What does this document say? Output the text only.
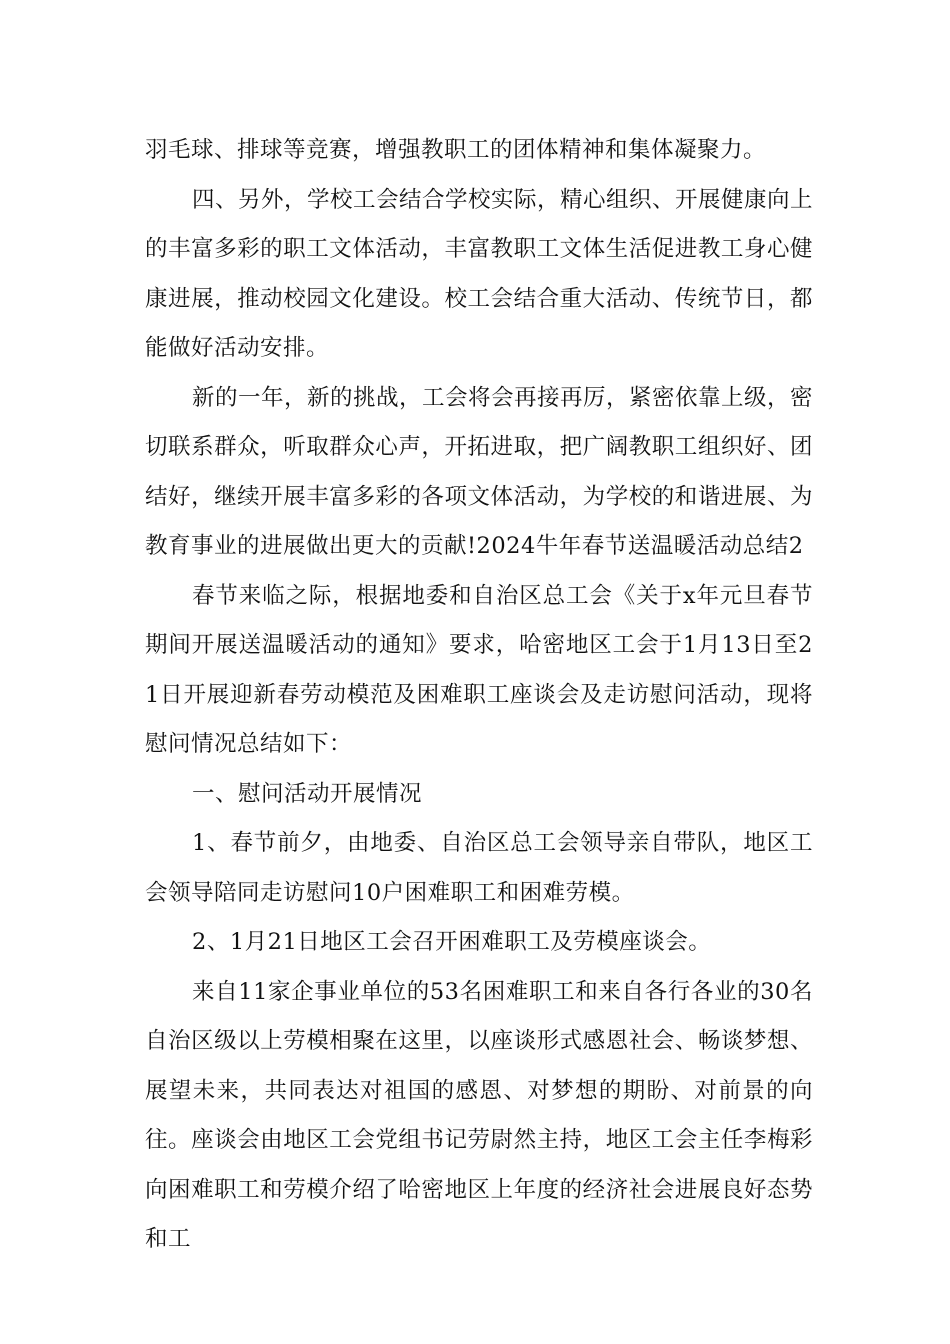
羽毛球、排球等竞赛，增强教职工的团体精神和集体凝聚力。

四、另外，学校工会结合学校实际，精心组织、开展健康向上的丰富多彩的职工文体活动，丰富教职工文体生活促进教工身心健康进展，推动校园文化建设。校工会结合重大活动、传统节日，都能做好活动安排。

新的一年，新的挑战，工会将会再接再厉，紧密依靠上级，密切联系群众，听取群众心声，开拓进取，把广阔教职工组织好、团结好，继续开展丰富多彩的各项文体活动，为学校的和谐进展、为教育事业的进展做出更大的贡献!2024牛年春节送温暖活动总结2

春节来临之际，根据地委和自治区总工会《关于x年元旦春节期间开展送温暖活动的通知》要求，哈密地区工会于1月13日至21日开展迎新春劳动模范及困难职工座谈会及走访慰问活动，现将慰问情况总结如下：

一、慰问活动开展情况

1、春节前夕，由地委、自治区总工会领导亲自带队，地区工会领导陪同走访慰问10户困难职工和困难劳模。

2、1月21日地区工会召开困难职工及劳模座谈会。

来自11家企事业单位的53名困难职工和来自各行各业的30名自治区级以上劳模相聚在这里，以座谈形式感恩社会、畅谈梦想、展望未来，共同表达对祖国的感恩、对梦想的期盼、对前景的向往。座谈会由地区工会党组书记劳尉然主持，地区工会主任李梅彩向困难职工和劳模介绍了哈密地区上年度的经济社会进展良好态势和工
